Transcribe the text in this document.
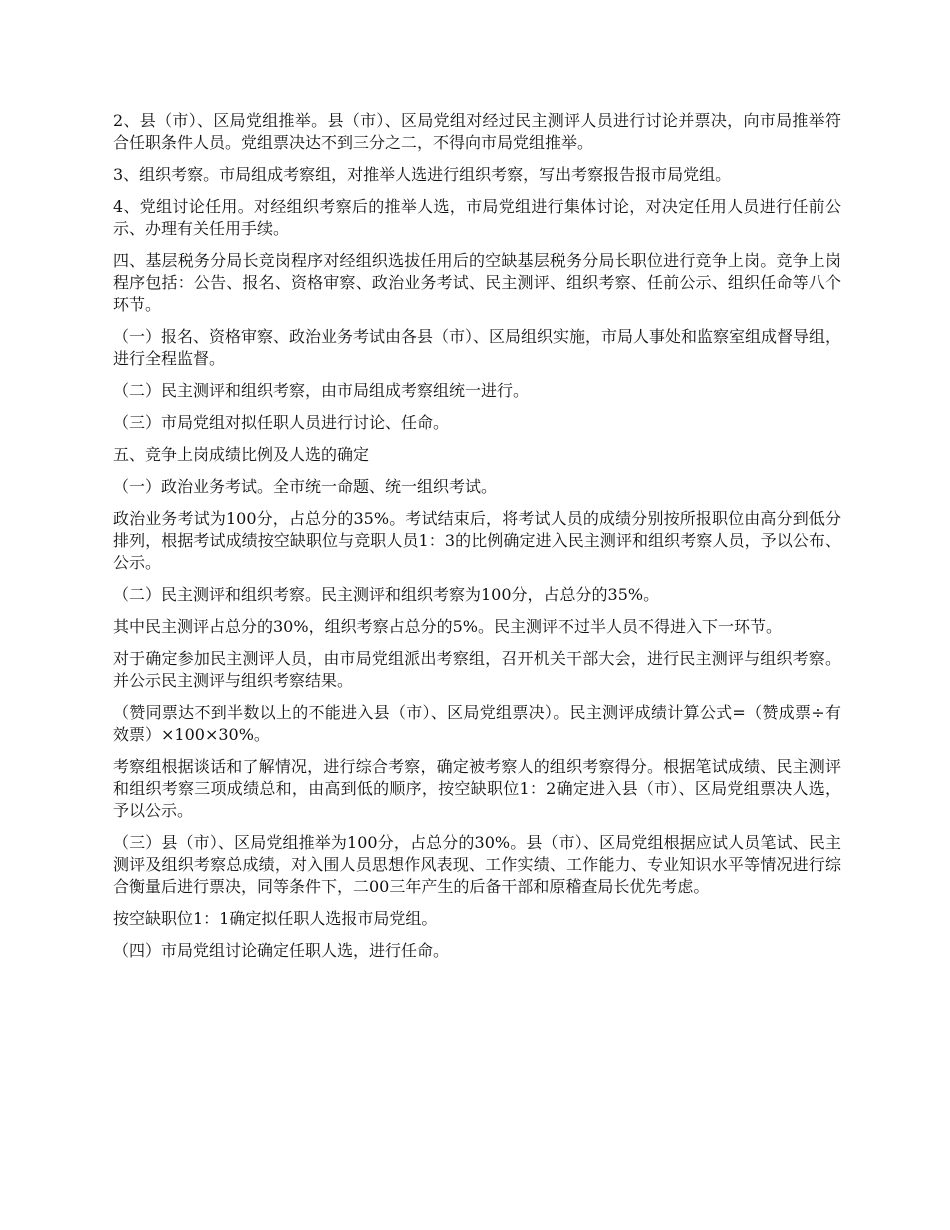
2、县（市）、区局党组推举。县（市）、区局党组对经过民主测评人员进行讨论并票决，向市局推举符合任职条件人员。党组票决达不到三分之二，不得向市局党组推举。

3、组织考察。市局组成考察组，对推举人选进行组织考察，写出考察报告报市局党组。

4、党组讨论任用。对经组织考察后的推举人选，市局党组进行集体讨论，对决定任用人员进行任前公示、办理有关任用手续。

四、基层税务分局长竞岗程序对经组织选拔任用后的空缺基层税务分局长职位进行竞争上岗。竞争上岗程序包括：公告、报名、资格审察、政治业务考试、民主测评、组织考察、任前公示、组织任命等八个环节。

（一）报名、资格审察、政治业务考试由各县（市）、区局组织实施，市局人事处和监察室组成督导组，进行全程监督。

（二）民主测评和组织考察，由市局组成考察组统一进行。

（三）市局党组对拟任职人员进行讨论、任命。

五、竞争上岗成绩比例及人选的确定

（一）政治业务考试。全市统一命题、统一组织考试。

政治业务考试为100分，占总分的35%。考试结束后，将考试人员的成绩分别按所报职位由高分到低分排列，根据考试成绩按空缺职位与竞职人员1：3的比例确定进入民主测评和组织考察人员，予以公布、公示。

（二）民主测评和组织考察。民主测评和组织考察为100分，占总分的35%。

其中民主测评占总分的30%，组织考察占总分的5%。民主测评不过半人员不得进入下一环节。

对于确定参加民主测评人员，由市局党组派出考察组，召开机关干部大会，进行民主测评与组织考察。并公示民主测评与组织考察结果。

（赞同票达不到半数以上的不能进入县（市）、区局党组票决）。民主测评成绩计算公式=（赞成票÷有效票）×100×30%。

考察组根据谈话和了解情况，进行综合考察，确定被考察人的组织考察得分。根据笔试成绩、民主测评和组织考察三项成绩总和，由高到低的顺序，按空缺职位1：2确定进入县（市）、区局党组票决人选，予以公示。

（三）县（市）、区局党组推举为100分，占总分的30%。县（市）、区局党组根据应试人员笔试、民主测评及组织考察总成绩，对入围人员思想作风表现、工作实绩、工作能力、专业知识水平等情况进行综合衡量后进行票决，同等条件下，二00三年产生的后备干部和原稽查局长优先考虑。

按空缺职位1：1确定拟任职人选报市局党组。

（四）市局党组讨论确定任职人选，进行任命。
